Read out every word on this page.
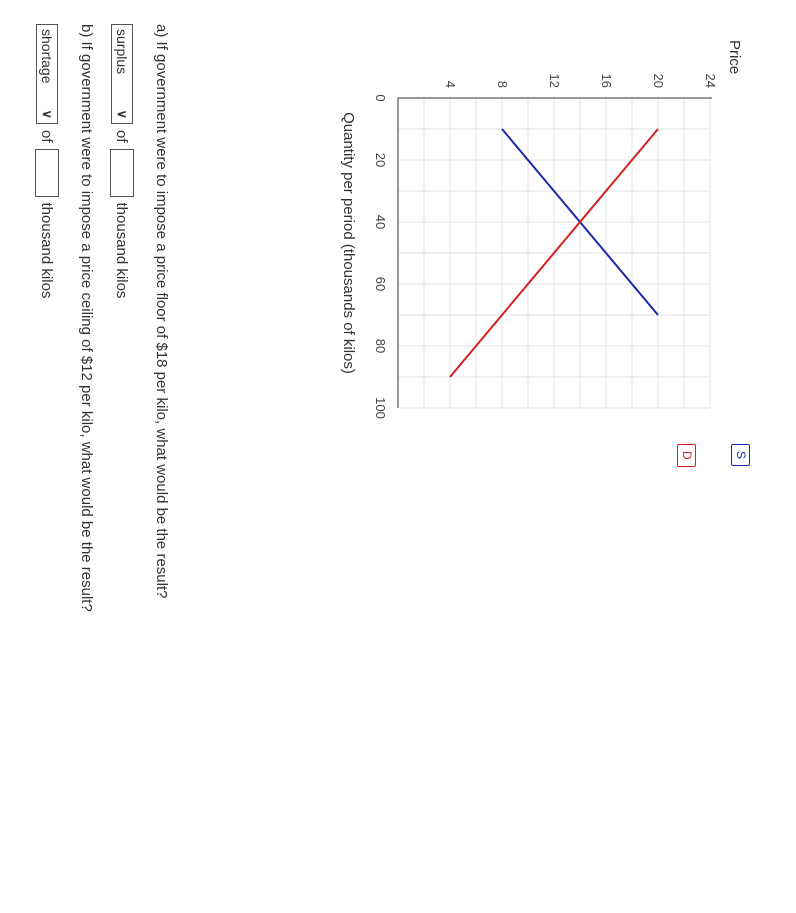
0
20
40
60
80
100
4	8	12	16	20	24
Price
Quantity per period (thousands of kilos)
S
D
a) If government were to impose a price floor of $18 per kilo, what would be the result?
surplus
∨
of
thousand kilos
b) If government were to impose a price ceiling of $12 per kilo, what would be the result?
shortage
∨
of
thousand kilos
